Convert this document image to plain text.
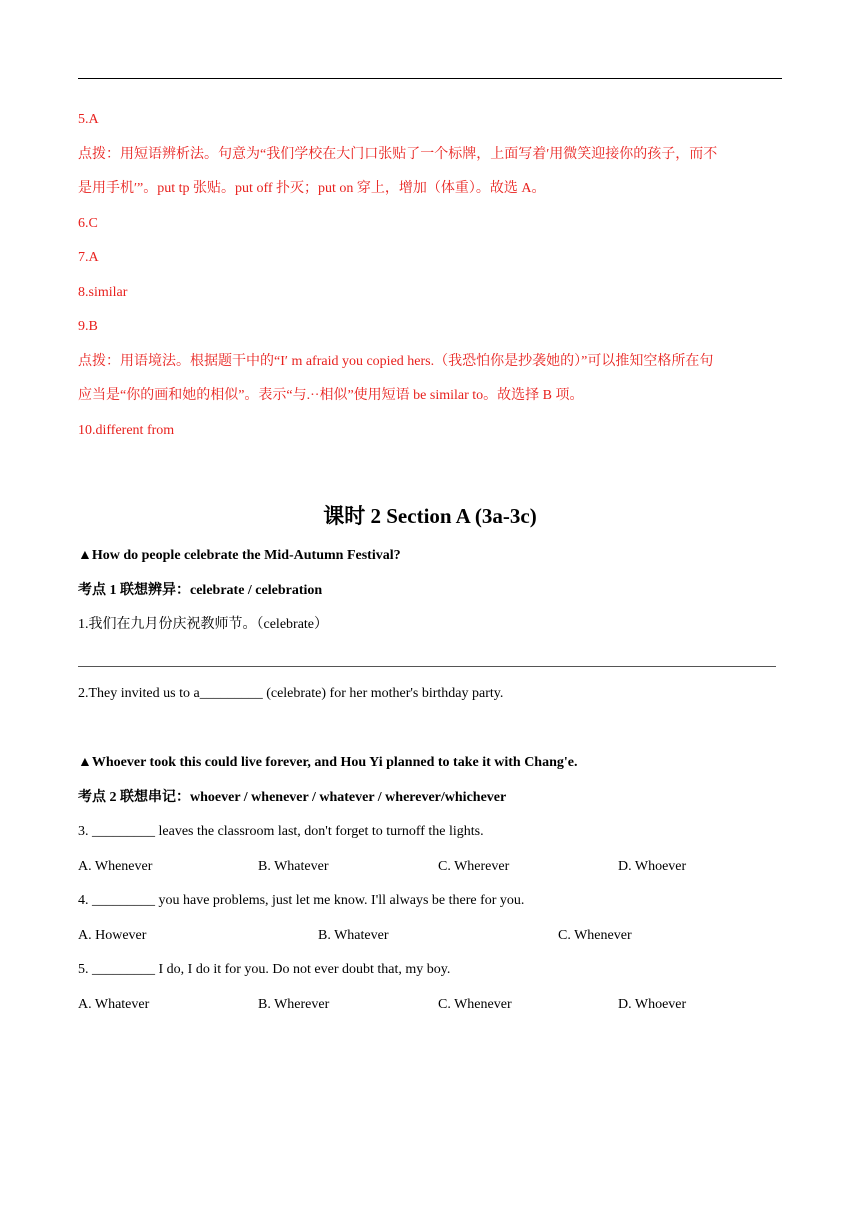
5.A
点拨：用短语辨析法。句意为“我们学校在大门口张贴了一个标牌，上面写着′用微笑迎接你的孩子，而不
是用手机′”。put tp 张贴。put off 扑灭；put on 穿上，增加（体重）。故选 A。
6.C
7.A
8.similar
9.B
点拨：用语境法。根据题干中的“I′ m afraid you copied hers.（我恐怕你是抄袭她的）”可以推知空格所在句
应当是“你的画和她的相似”。表示“与.··相似”使用短语 be similar to。故选择 B 项。
10.different from
课时 2 Section A (3a-3c)
▲How do people celebrate the Mid-Autumn Festival?
考点 1 联想辨异：celebrate / celebration
1.我们在九月份庆祝教师节。（celebrate）
2.They invited us to a_________ (celebrate) for her mother's birthday party.
▲Whoever took this could live forever, and Hou Yi planned to take it with Chang'e.
考点 2 联想串记：whoever / whenever / whatever / wherever/whichever
3. _________ leaves the classroom last, don't forget to turnoff the lights.
A. Whenever	B. Whatever	C. Wherever	D. Whoever
4. _________ you have problems, just let me know. I'll always be there for you.
A. However	B. Whatever	C. Whenever
5. _________ I do, I do it for you. Do not ever doubt that, my boy.
A. Whatever	B. Wherever	C. Whenever	D. Whoever
